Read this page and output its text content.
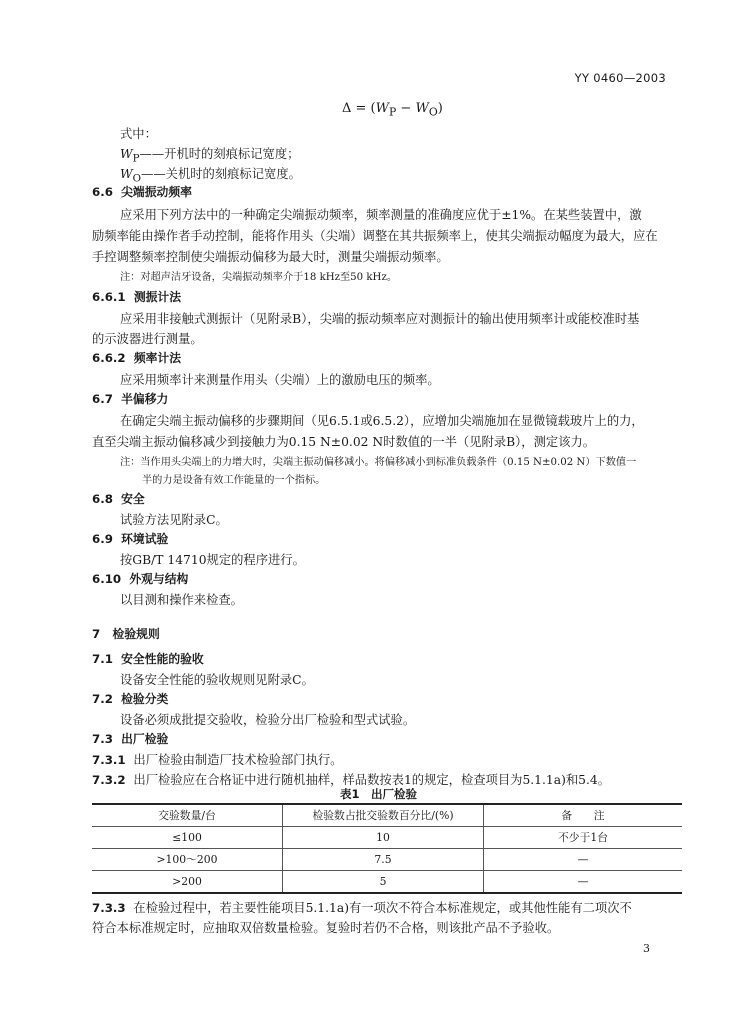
YY 0460—2003
$\Delta = (W_P - W_O)$
式中：
$W_P——$开机时的刻痕标记宽度；
$W_O——$关机时的刻痕标记宽度。
6.6 尖端振动频率
应采用下列方法中的一种确定尖端振动频率，频率测量的准确度应优于±1%。在某些装置中，激
励频率能由操作者手动控制，能将作用头（尖端）调整在其共振频率上，使其尖端振动幅度为最大，应在
手控调整频率控制使尖端振动偏移为最大时，测量尖端振动频率。
注：对超声洁牙设备，尖端振动频率介于18 kHz至50 kHz。
6.6.1 测振计法
应采用非接触式测振计（见附录B），尖端的振动频率应对测振计的输出使用频率计或能校准时基
的示波器进行测量。
6.6.2 频率计法
应采用频率计来测量作用头（尖端）上的激励电压的频率。
6.7 半偏移力
在确定尖端主振动偏移的步骤期间（见6.5.1或6.5.2），应增加尖端施加在显微镜载玻片上的力，
直至尖端主振动偏移减少到接触力为0.15 N±0.02 N时数值的一半（见附录B），测定该力。
注：当作用头尖端上的力增大时，尖端主振动偏移减小。将偏移减小到标准负载条件（0.15 N±0.02 N）下数值一
半的力是设备有效工作能量的一个指标。
6.8 安全
试验方法见附录C。
6.9 环境试验
按GB/T 14710规定的程序进行。
6.10 外观与结构
以目测和操作来检查。
7 检验规则
7.1 安全性能的验收
设备安全性能的验收规则见附录C。
7.2 检验分类
设备必须成批提交验收，检验分出厂检验和型式试验。
7.3 出厂检验
7.3.1 出厂检验由制造厂技术检验部门执行。
7.3.2 出厂检验应在合格证中进行随机抽样，样品数按表1的规定，检查项目为5.1.1a)和5.4。
表1　出厂检验
交验数量/台	检验数占批交验数百分比/(%)	备　　注
≤100	10	不少于1台
>100～200	7.5	—
>200	5	—
7.3.3 在检验过程中，若主要性能项目5.1.1a)有一项次不符合本标准规定，或其他性能有二项次不
符合本标准规定时，应抽取双倍数量检验。复验时若仍不合格，则该批产品不予验收。
3
